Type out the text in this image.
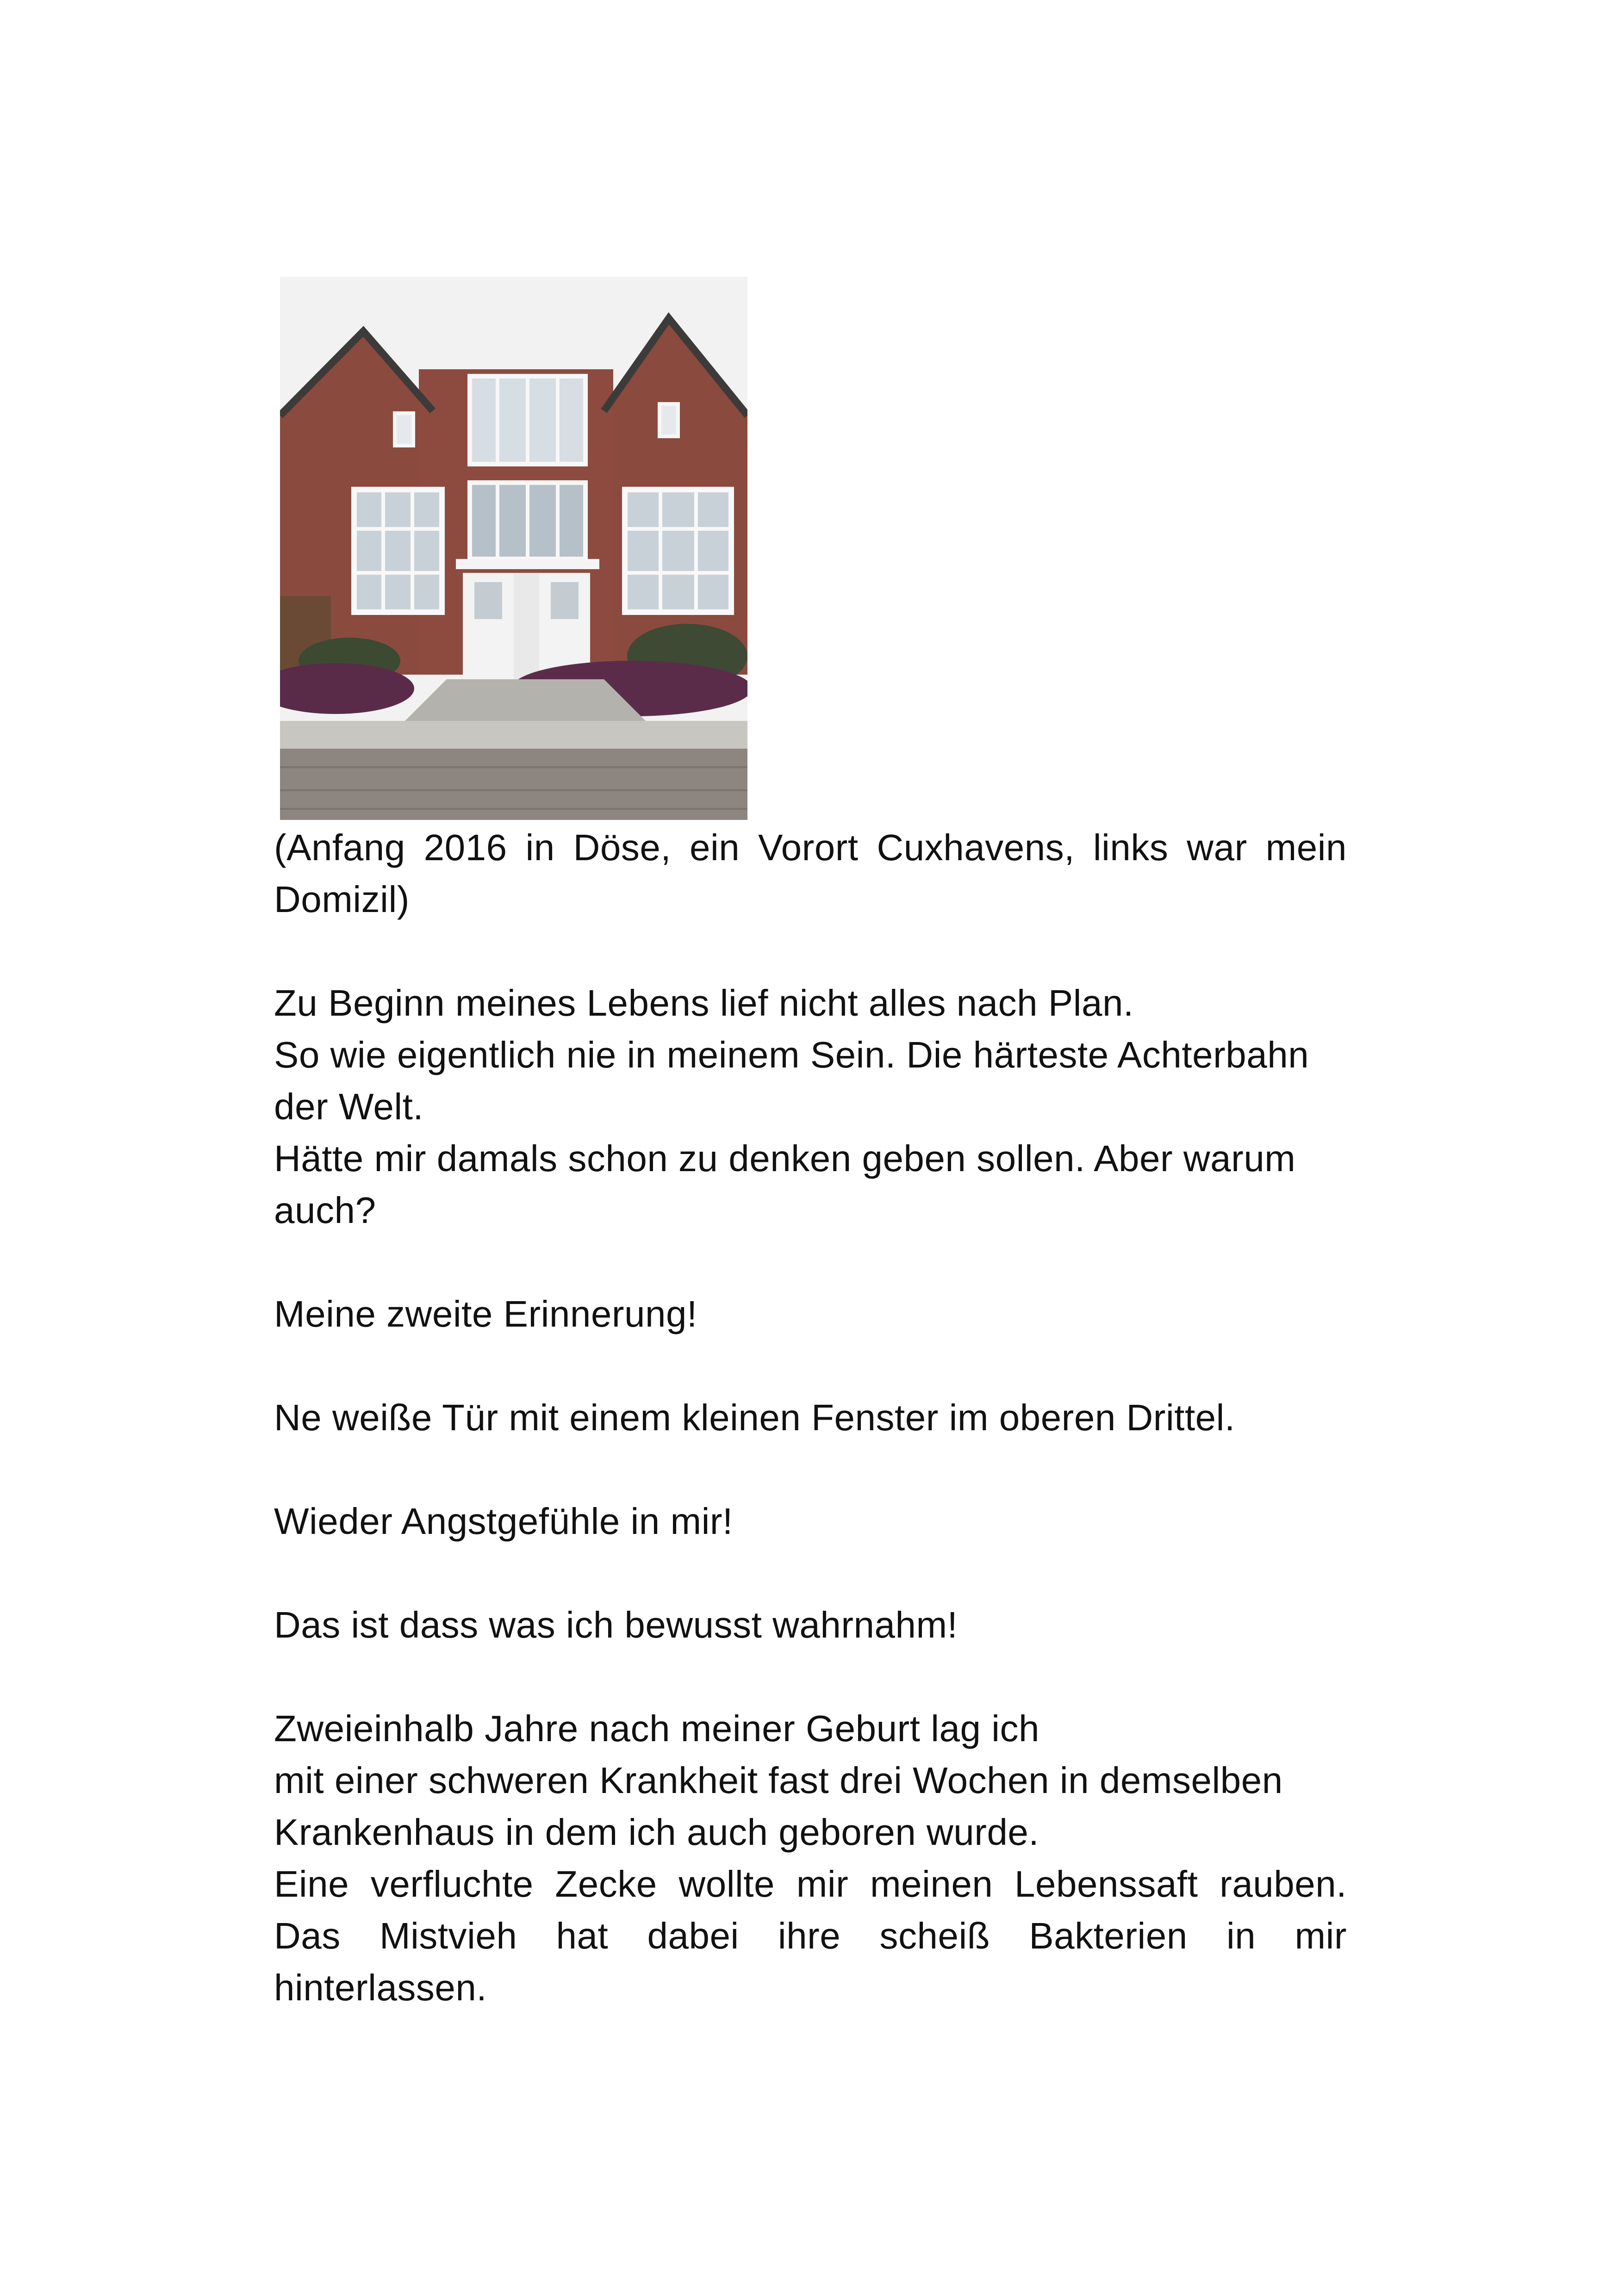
(Anfang 2016 in Döse, ein Vorort Cuxhavens, links war mein
Domizil)
Zu Beginn meines Lebens lief nicht alles nach Plan.
So wie eigentlich nie in meinem Sein. Die härteste Achterbahn
der Welt.
Hätte mir damals schon zu denken geben sollen. Aber warum
auch?
Meine zweite Erinnerung!
Ne weiße Tür mit einem kleinen Fenster im oberen Drittel.
Wieder Angstgefühle in mir!
Das ist dass was ich bewusst wahrnahm!
Zweieinhalb Jahre nach meiner Geburt lag ich
mit einer schweren Krankheit fast drei Wochen in demselben
Krankenhaus in dem ich auch geboren wurde.
Eine verfluchte Zecke wollte mir meinen Lebenssaft rauben.
Das Mistvieh hat dabei ihre scheiß Bakterien in mir
hinterlassen.
